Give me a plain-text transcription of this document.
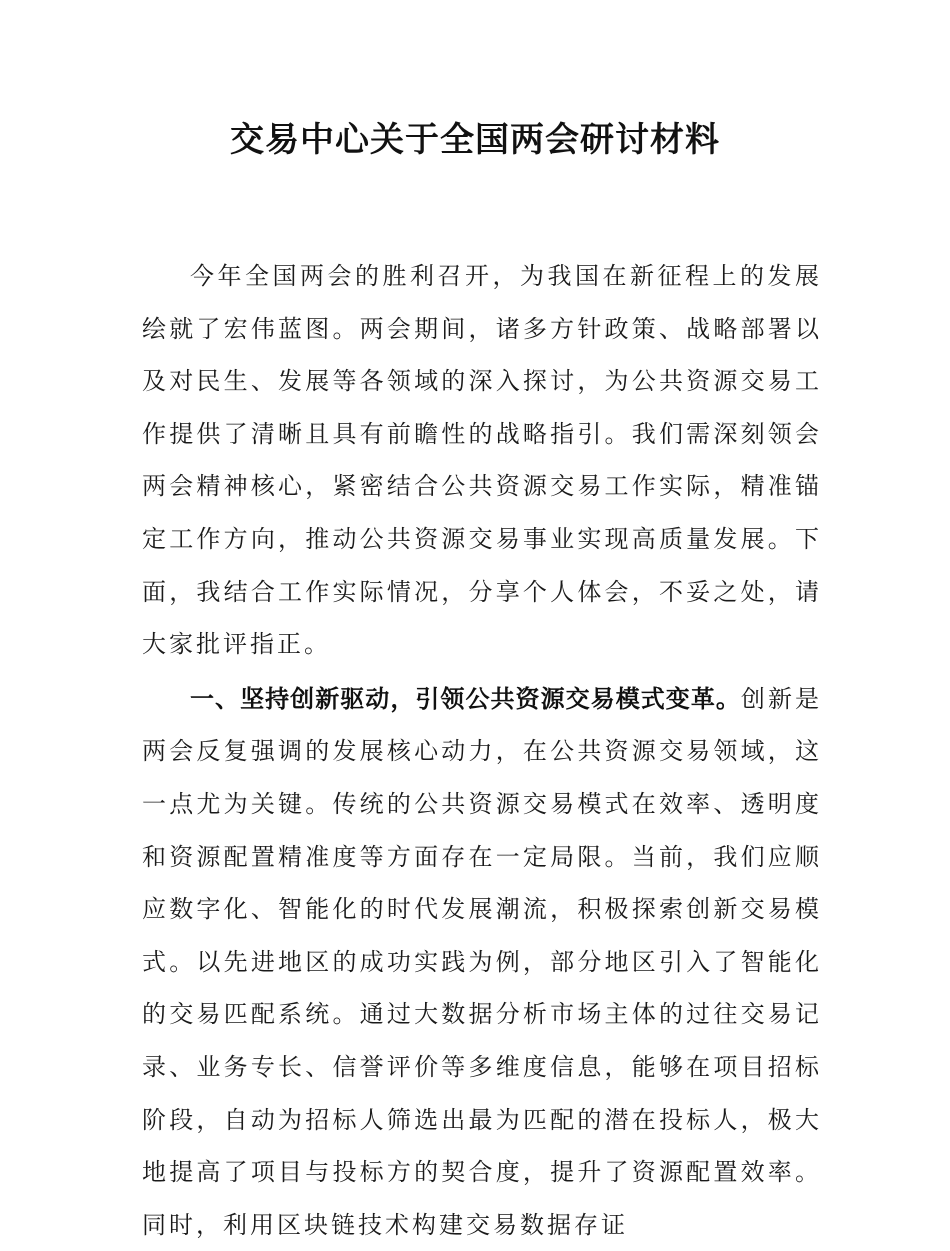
交易中心关于全国两会研讨材料

今年全国两会的胜利召开，为我国在新征程上的发展绘就了宏伟蓝图。两会期间，诸多方针政策、战略部署以及对民生、发展等各领域的深入探讨，为公共资源交易工作提供了清晰且具有前瞻性的战略指引。我们需深刻领会两会精神核心，紧密结合公共资源交易工作实际，精准锚定工作方向，推动公共资源交易事业实现高质量发展。下面，我结合工作实际情况，分享个人体会，不妥之处，请大家批评指正。

一、坚持创新驱动，引领公共资源交易模式变革。创新是两会反复强调的发展核心动力，在公共资源交易领域，这一点尤为关键。传统的公共资源交易模式在效率、透明度和资源配置精准度等方面存在一定局限。当前，我们应顺应数字化、智能化的时代发展潮流，积极探索创新交易模式。以先进地区的成功实践为例，部分地区引入了智能化的交易匹配系统。通过大数据分析市场主体的过往交易记录、业务专长、信誉评价等多维度信息，能够在项目招标阶段，自动为招标人筛选出最为匹配的潜在投标人，极大地提高了项目与投标方的契合度，提升了资源配置效率。同时，利用区块链技术构建交易数据存证
